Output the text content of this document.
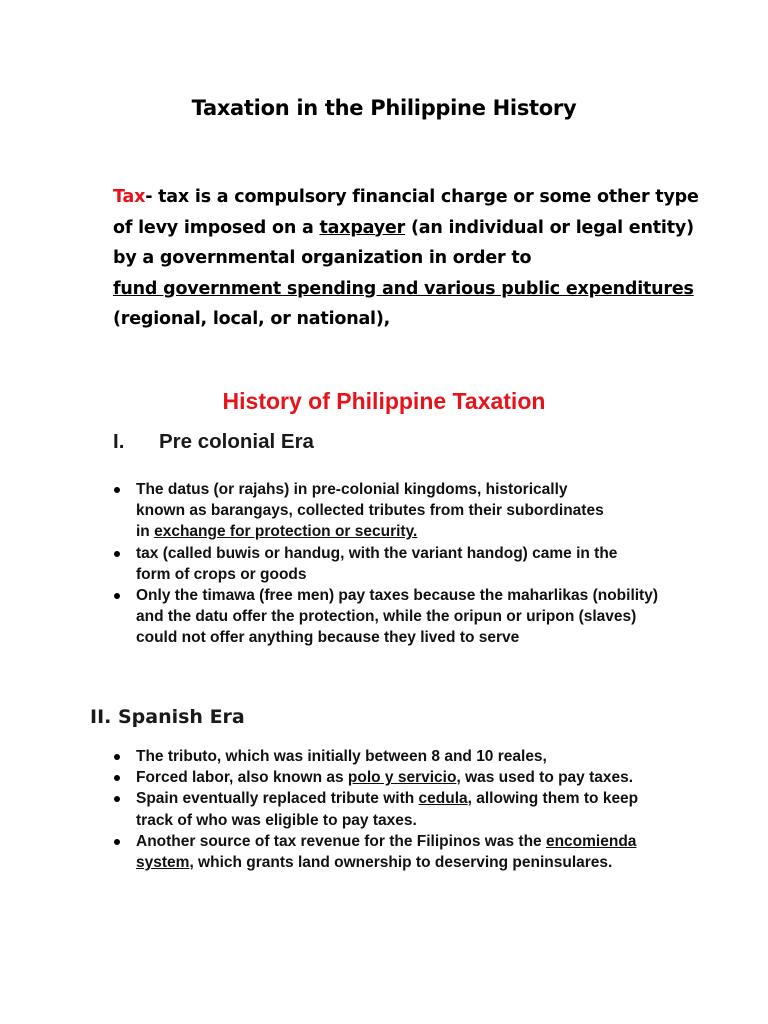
Taxation in the Philippine History
Tax- tax is a compulsory financial charge or some other type
of levy imposed on a taxpayer (an individual or legal entity)
by a governmental organization in order to
fund government spending and various public expenditures
(regional, local, or national),
History of Philippine Taxation
I. Pre colonial Era
The datus (or rajahs) in pre-colonial kingdoms, historically
known as barangays, collected tributes from their subordinates
in exchange for protection or security.
tax (called buwis or handug, with the variant handog) came in the form of crops or goods
Only the timawa (free men) pay taxes because the maharlikas (nobility) and the datu offer the protection, while the oripun or uripon (slaves) could not offer anything because they lived to serve
II. Spanish Era
The tributo, which was initially between 8 and 10 reales,
Forced labor, also known as polo y servicio, was used to pay taxes.
Spain eventually replaced tribute with cedula, allowing them to keep track of who was eligible to pay taxes.
Another source of tax revenue for the Filipinos was the encomienda system, which grants land ownership to deserving peninsulares.
